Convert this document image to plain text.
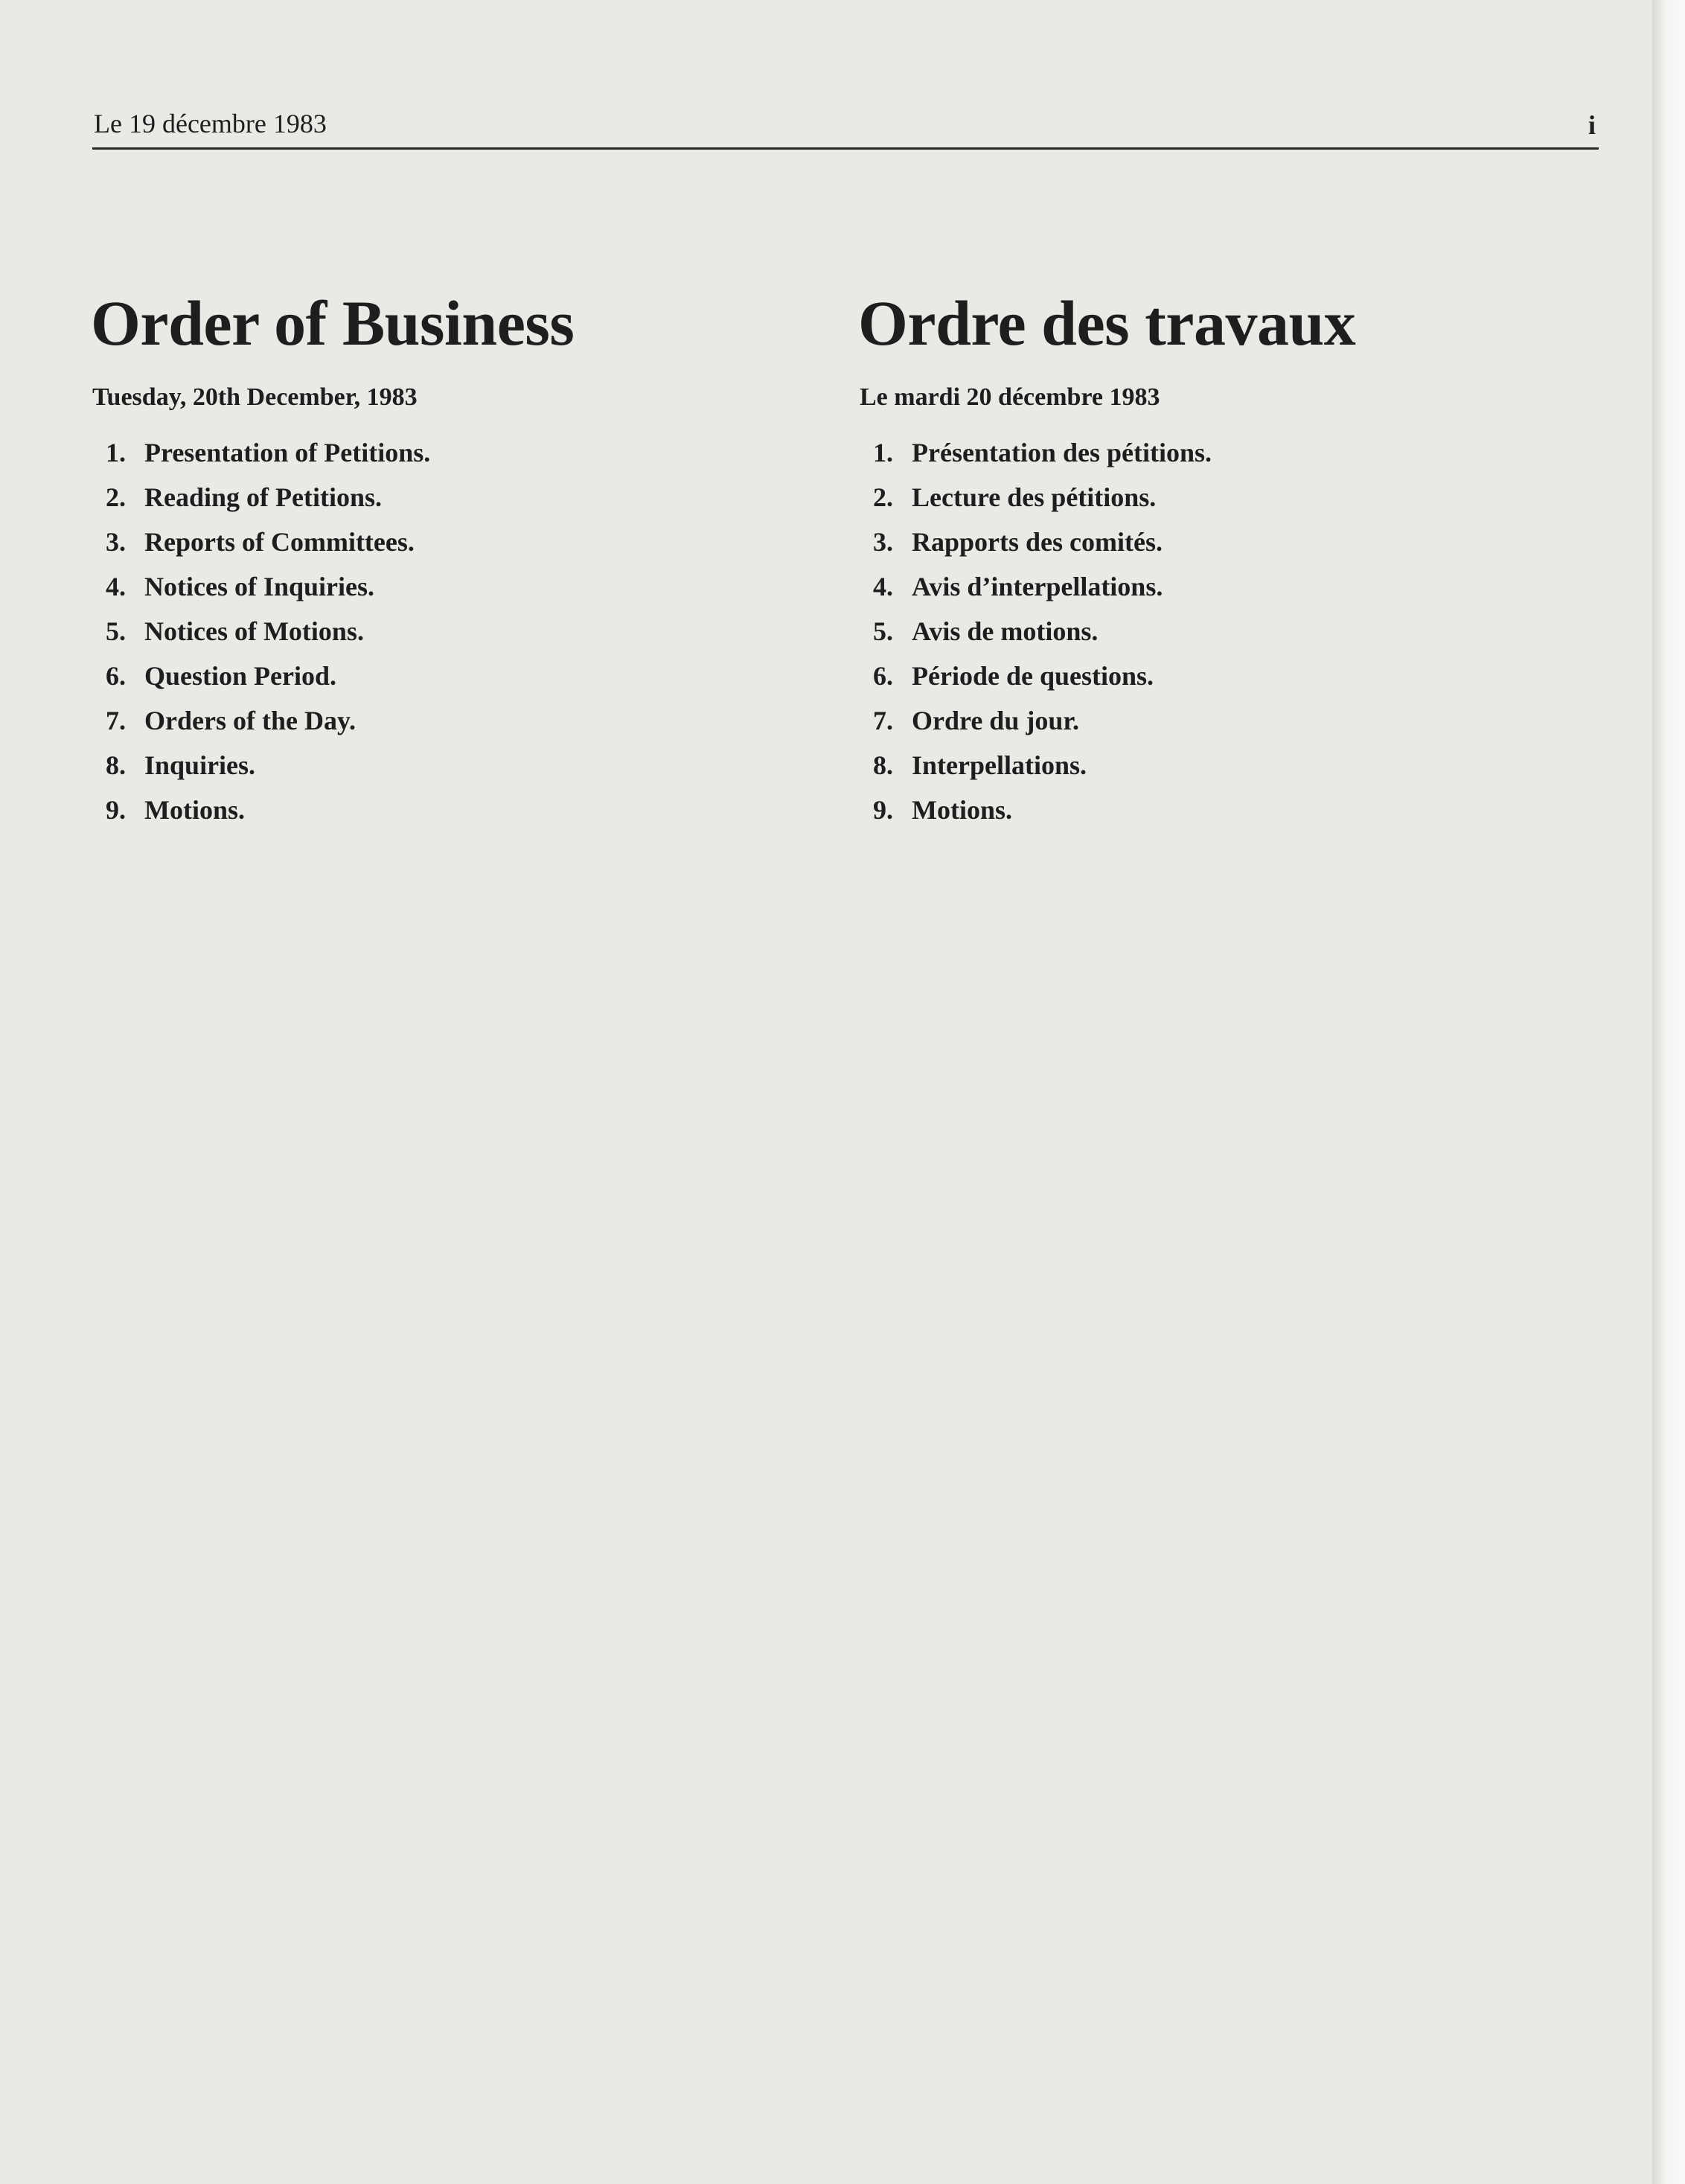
Le 19 décembre 1983	i
Order of Business
Tuesday, 20th December, 1983
1. Presentation of Petitions.
2. Reading of Petitions.
3. Reports of Committees.
4. Notices of Inquiries.
5. Notices of Motions.
6. Question Period.
7. Orders of the Day.
8. Inquiries.
9. Motions.
Ordre des travaux
Le mardi 20 décembre 1983
1. Présentation des pétitions.
2. Lecture des pétitions.
3. Rapports des comités.
4. Avis d’interpellations.
5. Avis de motions.
6. Période de questions.
7. Ordre du jour.
8. Interpellations.
9. Motions.
